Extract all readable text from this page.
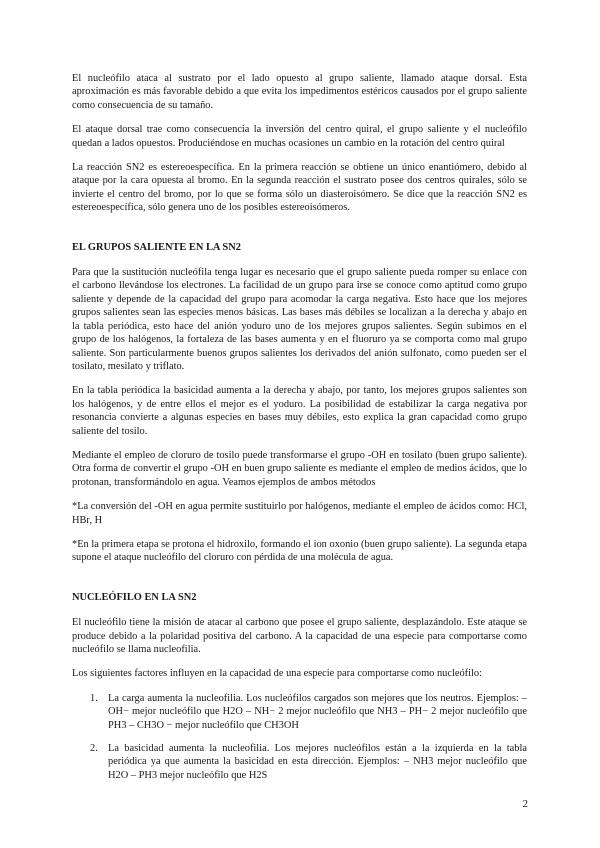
El nucleófilo ataca al sustrato por el lado opuesto al grupo saliente, llamado ataque dorsal. Esta aproximación es más favorable debido a que evita los impedimentos estéricos causados por el grupo saliente como consecuencia de su tamaño.

El ataque dorsal trae como consecuencia la inversión del centro quiral, el grupo saliente y el nucleófilo quedan a lados opuestos. Produciéndose en muchas ocasiones un cambio en la rotación del centro quiral

La reacción SN2 es estereoespecífica. En la primera reacción se obtiene un único enantiómero, debido al ataque por la cara opuesta al bromo. En la segunda reacción el sustrato posee dos centros quirales, sólo se invierte el centro del bromo, por lo que se forma sólo un diasteroisómero. Se dice que la reacción SN2 es estereoespecífica, sólo genera uno de los posibles estereoisómeros.

EL GRUPOS SALIENTE EN LA SN2

Para que la sustitución nucleófila tenga lugar es necesario que el grupo saliente pueda romper su enlace con el carbono llevándose los electrones. La facilidad de un grupo para irse se conoce como aptitud como grupo saliente y depende de la capacidad del grupo para acomodar la carga negativa. Esto hace que los mejores grupos salientes sean las especies menos básicas. Las bases más débiles se localizan a la derecha y abajo en la tabla periódica, esto hace del anión yoduro uno de los mejores grupos salientes. Según subimos en el grupo de los halógenos, la fortaleza de las bases aumenta y en el fluoruro ya se comporta como mal grupo saliente. Son particularmente buenos grupos salientes los derivados del anión sulfonato, como pueden ser el tosilato, mesilato y triflato.

En la tabla periódica la basicidad aumenta a la derecha y abajo, por tanto, los mejores grupos salientes son los halógenos, y de entre ellos el mejor es el yoduro. La posibilidad de estabilizar la carga negativa por resonancia convierte a algunas especies en bases muy débiles, esto explica la gran capacidad como grupo saliente del tosilo.

Mediante el empleo de cloruro de tosilo puede transformarse el grupo -OH en tosilato (buen grupo saliente). Otra forma de convertir el grupo -OH en buen grupo saliente es mediante el empleo de medios ácidos, que lo protonan, transformándolo en agua. Veamos ejemplos de ambos métodos

*La conversión del -OH en agua permite sustituirlo por halógenos, mediante el empleo de ácidos como: HCl, HBr, H

*En la primera etapa se protona el hidroxilo, formando el ion oxonio (buen grupo saliente). La segunda etapa supone el ataque nucleófilo del cloruro con pérdida de una molécula de agua.

NUCLEÓFILO EN LA SN2

El nucleófilo tiene la misión de atacar al carbono que posee el grupo saliente, desplazándolo. Este ataque se produce debido a la polaridad positiva del carbono. A la capacidad de una especie para comportarse como nucleófilo se llama nucleofilia.

Los siguientes factores influyen en la capacidad de una especie para comportarse como nucleófilo:

1. La carga aumenta la nucleofilia. Los nucleófilos cargados son mejores que los neutros. Ejemplos: – OH− mejor nucleófilo que H2O – NH− 2 mejor nucleófilo que NH3 – PH− 2 mejor nucleófilo que PH3 – CH3O − mejor nucleófilo que CH3OH
2. La basicidad aumenta la nucleofilia. Los mejores nucleófilos están a la izquierda en la tabla periódica ya que aumenta la basicidad en esta dirección. Ejemplos: – NH3 mejor nucleófilo que H2O – PH3 mejor nucleófilo que H2S
2
